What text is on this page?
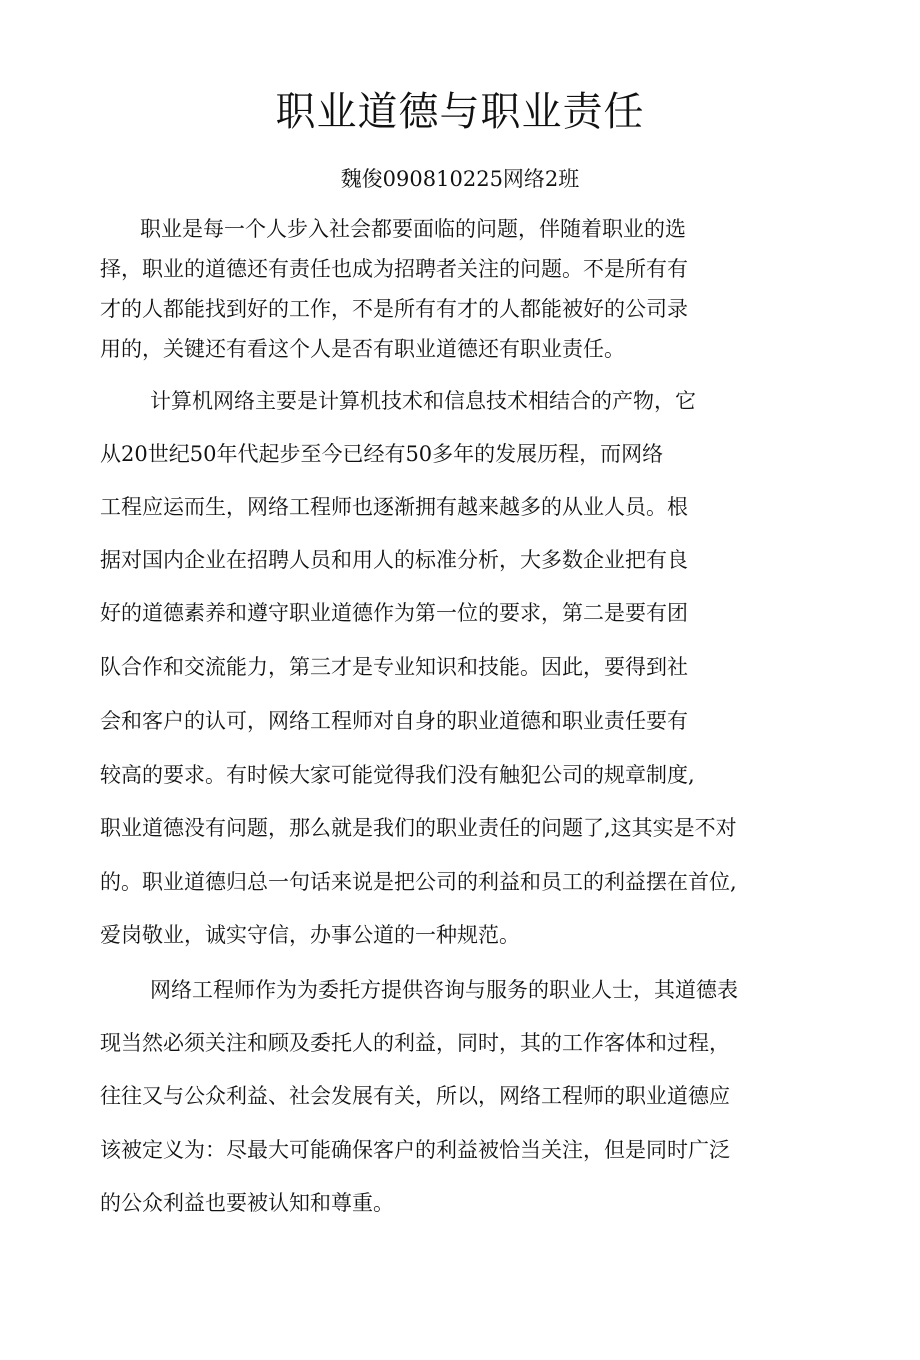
职业道德与职业责任
魏俊090810225网络2班
职业是每一个人步入社会都要面临的问题，伴随着职业的选
择，职业的道德还有责任也成为招聘者关注的问题。不是所有有
才的人都能找到好的工作，不是所有有才的人都能被好的公司录
用的，关键还有看这个人是否有职业道德还有职业责任。
计算机网络主要是计算机技术和信息技术相结合的产物，它
从20世纪50年代起步至今已经有50多年的发展历程，而网络
工程应运而生，网络工程师也逐渐拥有越来越多的从业人员。根
据对国内企业在招聘人员和用人的标准分析，大多数企业把有良
好的道德素养和遵守职业道德作为第一位的要求，第二是要有团
队合作和交流能力，第三才是专业知识和技能。因此，要得到社
会和客户的认可，网络工程师对自身的职业道德和职业责任要有
较高的要求。有时候大家可能觉得我们没有触犯公司的规章制度,
职业道德没有问题，那么就是我们的职业责任的问题了,这其实是不对
的。职业道德归总一句话来说是把公司的利益和员工的利益摆在首位,
爱岗敬业，诚实守信，办事公道的一种规范。
网络工程师作为为委托方提供咨询与服务的职业人士，其道德表
现当然必须关注和顾及委托人的利益，同时，其的工作客体和过程，
往往又与公众利益、社会发展有关，所以，网络工程师的职业道德应
该被定义为：尽最大可能确保客户的利益被恰当关注，但是同时广泛
的公众利益也要被认知和尊重。
